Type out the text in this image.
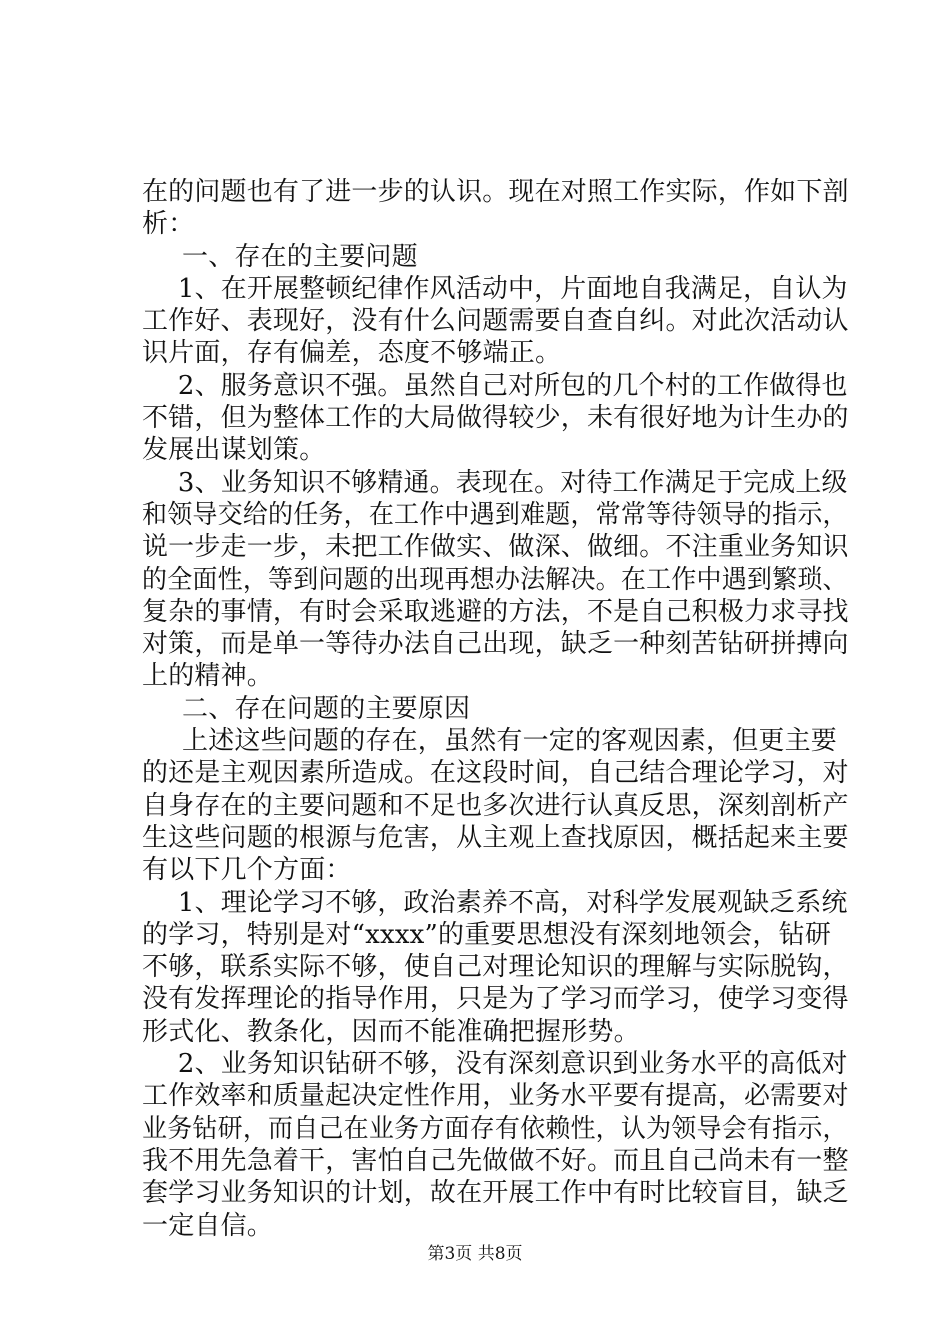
在的问题也有了进一步的认识。现在对照工作实际，作如下剖
析：
一、存在的主要问题
1、在开展整顿纪律作风活动中，片面地自我满足，自认为
工作好、表现好，没有什么问题需要自查自纠。对此次活动认
识片面，存有偏差，态度不够端正。
2、服务意识不强。虽然自己对所包的几个村的工作做得也
不错，但为整体工作的大局做得较少，未有很好地为计生办的
发展出谋划策。
3、业务知识不够精通。表现在。对待工作满足于完成上级
和领导交给的任务，在工作中遇到难题，常常等待领导的指示，
说一步走一步，未把工作做实、做深、做细。不注重业务知识
的全面性，等到问题的出现再想办法解决。在工作中遇到繁琐、
复杂的事情，有时会采取逃避的方法，不是自己积极力求寻找
对策，而是单一等待办法自己出现，缺乏一种刻苦钻研拼搏向
上的精神。
二、存在问题的主要原因
上述这些问题的存在，虽然有一定的客观因素，但更主要
的还是主观因素所造成。在这段时间，自己结合理论学习，对
自身存在的主要问题和不足也多次进行认真反思，深刻剖析产
生这些问题的根源与危害，从主观上查找原因，概括起来主要
有以下几个方面：
1、理论学习不够，政治素养不高，对科学发展观缺乏系统
的学习，特别是对“xxxx”的重要思想没有深刻地领会，钻研
不够，联系实际不够，使自己对理论知识的理解与实际脱钩，
没有发挥理论的指导作用，只是为了学习而学习，使学习变得
形式化、教条化，因而不能准确把握形势。
2、业务知识钻研不够，没有深刻意识到业务水平的高低对
工作效率和质量起决定性作用，业务水平要有提高，必需要对
业务钻研，而自己在业务方面存有依赖性，认为领导会有指示，
我不用先急着干，害怕自己先做做不好。而且自己尚未有一整
套学习业务知识的计划，故在开展工作中有时比较盲目，缺乏
一定自信。
第3页 共8页
